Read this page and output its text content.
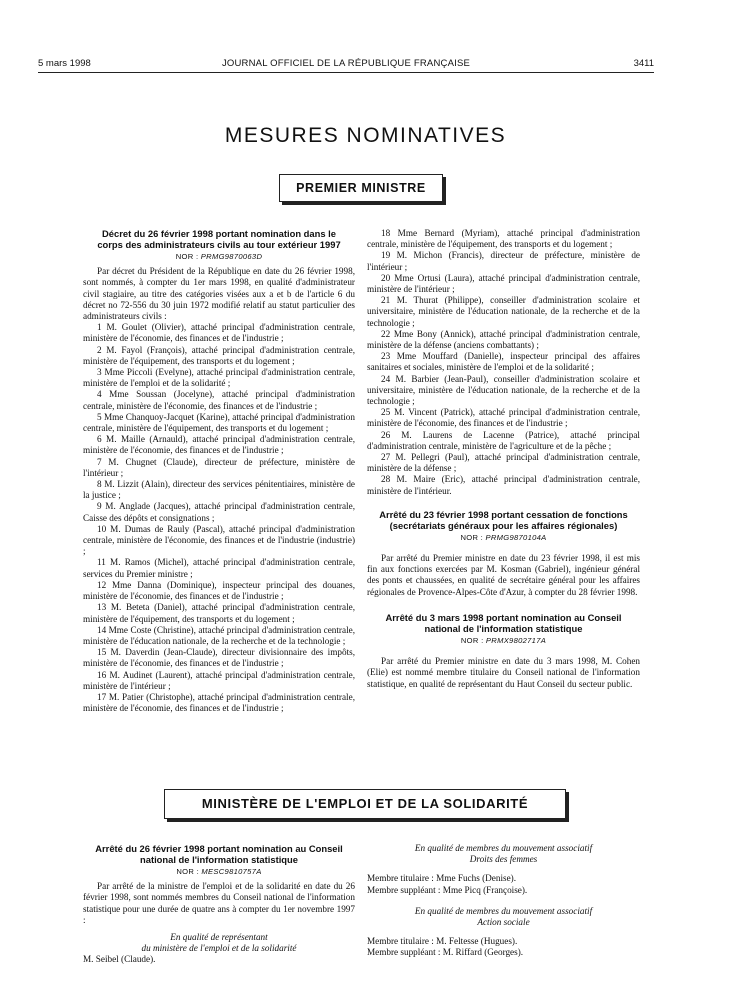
5 mars 1998	JOURNAL OFFICIEL DE LA RÉPUBLIQUE FRANÇAISE	3411
MESURES NOMINATIVES
PREMIER MINISTRE
Décret du 26 février 1998 portant nomination dans le corps des administrateurs civils au tour extérieur 1997
NOR : PRMG9870063D

Par décret du Président de la République en date du 26 février 1998, sont nommés, à compter du 1er mars 1998, en qualité d'administrateur civil stagiaire, au titre des catégories visées aux a et b de l'article 6 du décret no 72-556 du 30 juin 1972 modifié relatif au statut particulier des administrateurs civils :

1 M. Goulet (Olivier), attaché principal d'administration centrale, ministère de l'économie, des finances et de l'industrie ;

2 M. Fayol (François), attaché principal d'administration centrale, ministère de l'équipement, des transports et du logement ;

3 Mme Piccoli (Evelyne), attaché principal d'administration centrale, ministère de l'emploi et de la solidarité ;

4 Mme Soussan (Jocelyne), attaché principal d'administration centrale, ministère de l'économie, des finances et de l'industrie ;

5 Mme Chanquoy-Jacquet (Karine), attaché principal d'administration centrale, ministère de l'équipement, des transports et du logement ;

6 M. Maille (Arnauld), attaché principal d'administration centrale, ministère de l'économie, des finances et de l'industrie ;

7 M. Chugnet (Claude), directeur de préfecture, ministère de l'intérieur ;

8 M. Lizzit (Alain), directeur des services pénitentiaires, ministère de la justice ;

9 M. Anglade (Jacques), attaché principal d'administration centrale, Caisse des dépôts et consignations ;

10 M. Dumas de Rauly (Pascal), attaché principal d'administration centrale, ministère de l'économie, des finances et de l'industrie (industrie) ;

11 M. Ramos (Michel), attaché principal d'administration centrale, services du Premier ministre ;

12 Mme Danna (Dominique), inspecteur principal des douanes, ministère de l'économie, des finances et de l'industrie ;

13 M. Beteta (Daniel), attaché principal d'administration centrale, ministère de l'équipement, des transports et du logement ;

14 Mme Coste (Christine), attaché principal d'administration centrale, ministère de l'éducation nationale, de la recherche et de la technologie ;

15 M. Daverdin (Jean-Claude), directeur divisionnaire des impôts, ministère de l'économie, des finances et de l'industrie ;

16 M. Audinet (Laurent), attaché principal d'administration centrale, ministère de l'intérieur ;

17 M. Patier (Christophe), attaché principal d'administration centrale, ministère de l'économie, des finances et de l'industrie ;

18 Mme Bernard (Myriam), attaché principal d'administration centrale, ministère de l'équipement, des transports et du logement ;

19 M. Michon (Francis), directeur de préfecture, ministère de l'intérieur ;

20 Mme Ortusi (Laura), attaché principal d'administration centrale, ministère de l'intérieur ;

21 M. Thurat (Philippe), conseiller d'administration scolaire et universitaire, ministère de l'éducation nationale, de la recherche et de la technologie ;

22 Mme Bony (Annick), attaché principal d'administration centrale, ministère de la défense (anciens combattants) ;

23 Mme Mouffard (Danielle), inspecteur principal des affaires sanitaires et sociales, ministère de l'emploi et de la solidarité ;

24 M. Barbier (Jean-Paul), conseiller d'administration scolaire et universitaire, ministère de l'éducation nationale, de la recherche et de la technologie ;

25 M. Vincent (Patrick), attaché principal d'administration centrale, ministère de l'économie, des finances et de l'industrie ;

26 M. Laurens de Lacenne (Patrice), attaché principal d'administration centrale, ministère de l'agriculture et de la pêche ;

27 M. Pellegri (Paul), attaché principal d'administration centrale, ministère de la défense ;

28 M. Maire (Eric), attaché principal d'administration centrale, ministère de l'intérieur.

Arrêté du 23 février 1998 portant cessation de fonctions (secrétariats généraux pour les affaires régionales)
NOR : PRMG9870104A

Par arrêté du Premier ministre en date du 23 février 1998, il est mis fin aux fonctions exercées par M. Kosman (Gabriel), ingénieur général des ponts et chaussées, en qualité de secrétaire général pour les affaires régionales de Provence-Alpes-Côte d'Azur, à compter du 28 février 1998.

Arrêté du 3 mars 1998 portant nomination au Conseil national de l'information statistique
NOR : PRMX9802717A

Par arrêté du Premier ministre en date du 3 mars 1998, M. Cohen (Elie) est nommé membre titulaire du Conseil national de l'information statistique, en qualité de représentant du Haut Conseil du secteur public.

MINISTÈRE DE L'EMPLOI ET DE LA SOLIDARITÉ
Arrêté du 26 février 1998 portant nomination au Conseil national de l'information statistique
NOR : MESC9810757A

Par arrêté de la ministre de l'emploi et de la solidarité en date du 26 février 1998, sont nommés membres du Conseil national de l'information statistique pour une durée de quatre ans à compter du 1er novembre 1997 :

En qualité de représentant
du ministère de l'emploi et de la solidarité

M. Seibel (Claude).

En qualité de membres du mouvement associatif
Droits des femmes

Membre titulaire : Mme Fuchs (Denise).

Membre suppléant : Mme Picq (Françoise).

En qualité de membres du mouvement associatif
Action sociale

Membre titulaire : M. Feltesse (Hugues).

Membre suppléant : M. Riffard (Georges).
